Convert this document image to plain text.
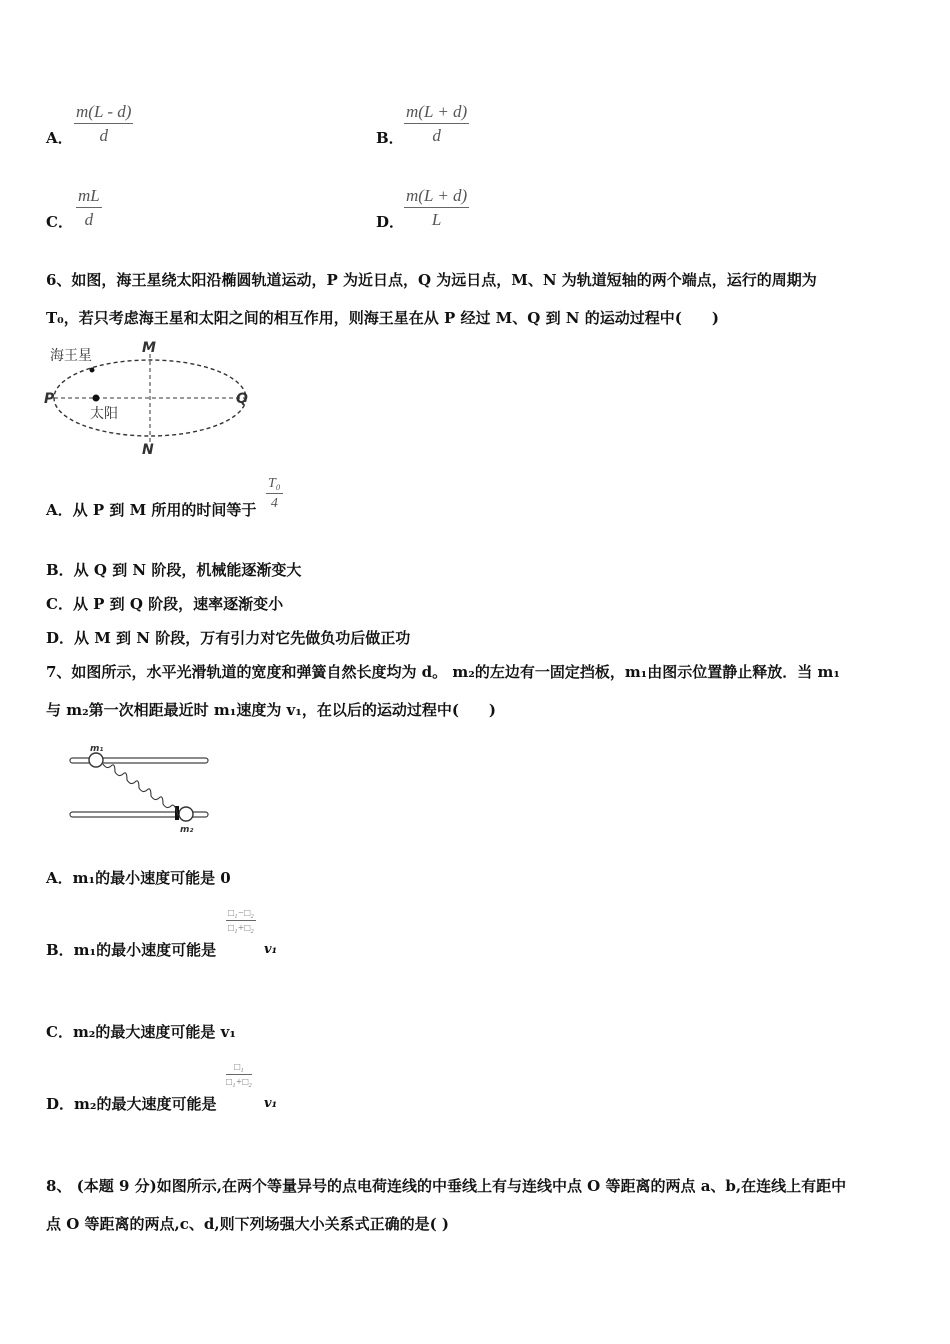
A． $\frac{m(L - d)}{d}$	B． $\frac{m(L + d)}{d}$
C． $\frac{mL}{d}$	D． $\frac{m(L + d)}{L}$
6、如图，海王星绕太阳沿椭圆轨道运动，P 为近日点，Q 为远日点，M、N 为轨道短轴的两个端点，运行的周期为
T₀，若只考虑海王星和太阳之间的相互作用，则海王星在从 P 经过 M、Q 到 N 的运动过程中(　　)
海王星
太阳
P	Q
M
N
A．从 P 到 M 所用的时间等于 $\frac{\text{T₀}}{4}$
B．从 Q 到 N 阶段，机械能逐渐变大
C．从 P 到 Q 阶段，速率逐渐变小
D．从 M 到 N 阶段，万有引力对它先做负功后做正功
7、如图所示，水平光滑轨道的宽度和弹簧自然长度均为 d。 m₂的左边有一固定挡板，m₁由图示位置静止释放．当 m₁
与 m₂第一次相距最近时 m₁速度为 v₁，在以后的运动过程中(　　)
m₁
m₂
A．m₁的最小速度可能是 0
B．m₁的最小速度可能是
□₁−□₂
□₁+□₂
v₁
C．m₂的最大速度可能是 v₁
D．m₂的最大速度可能是
□₁
□₁+□₂
v₁
8、 (本题 9 分)如图所示,在两个等量异号的点电荷连线的中垂线上有与连线中点 O 等距离的两点 a、b,在连线上有距中
点 O 等距离的两点,c、d,则下列场强大小关系式正确的是( )
